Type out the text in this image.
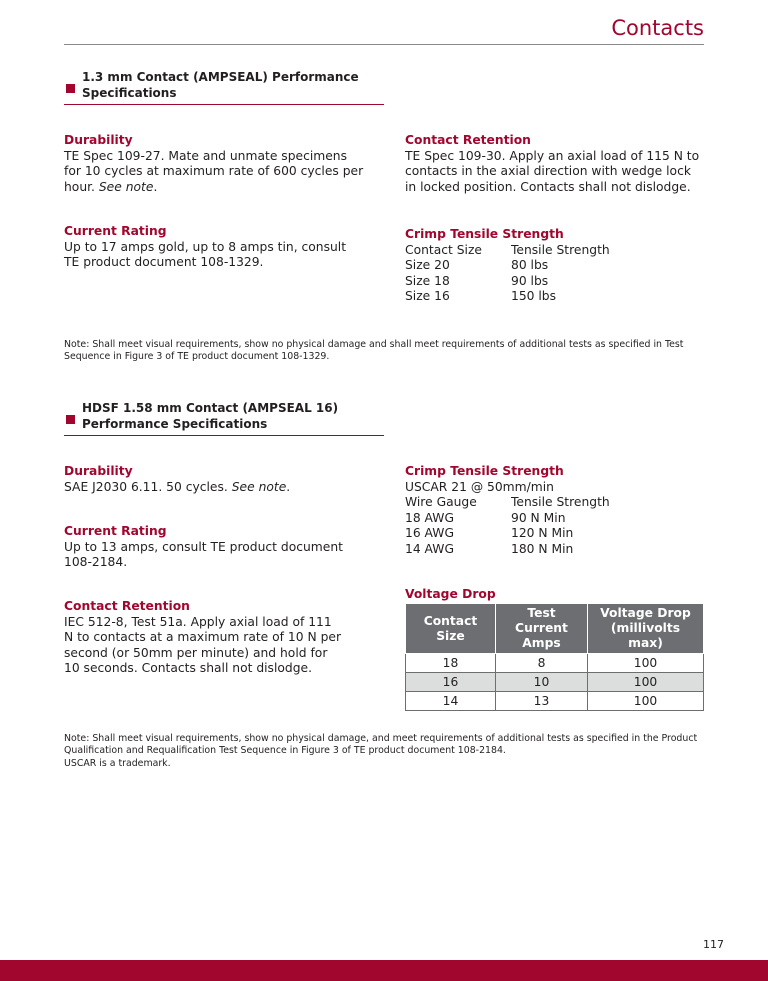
Contacts
1.3 mm Contact (AMPSEAL) Performance Specifications
Durability
TE Spec 109-27. Mate and unmate specimens for 10 cycles at maximum rate of 600 cycles per hour. See note.
Current Rating
Up to 17 amps gold, up to 8 amps tin, consult TE product document 108-1329.
Contact Retention
TE Spec 109-30. Apply an axial load of 115 N to contacts in the axial direction with wedge lock in locked position. Contacts shall not dislodge.
Crimp Tensile Strength
Contact Size	Tensile Strength
Size 20	80 lbs
Size 18	90 lbs
Size 16	150 lbs
Note: Shall meet visual requirements, show no physical damage and shall meet requirements of additional tests as specified in Test Sequence in Figure 3 of TE product document 108-1329.
HDSF 1.58 mm Contact (AMPSEAL 16) Performance Specifications
Durability
SAE J2030 6.11. 50 cycles. See note.
Current Rating
Up to 13 amps, consult TE product document 108-2184.
Contact Retention
IEC 512-8, Test 51a. Apply axial load of 111 N to contacts at a maximum rate of 10 N per second (or 50mm per minute) and hold for 10 seconds. Contacts shall not dislodge.
Crimp Tensile Strength
USCAR 21 @ 50mm/min
Wire Gauge	Tensile Strength
18 AWG	90 N Min
16 AWG	120 N Min
14 AWG	180 N Min
Voltage Drop
Contact Size	Test Current Amps	Voltage Drop (millivolts max)
18	8	100
16	10	100
14	13	100
Note: Shall meet visual requirements, show no physical damage, and meet requirements of additional tests as specified in the Product Qualification and Requalification Test Sequence in Figure 3 of TE product document 108-2184.
USCAR is a trademark.
117
